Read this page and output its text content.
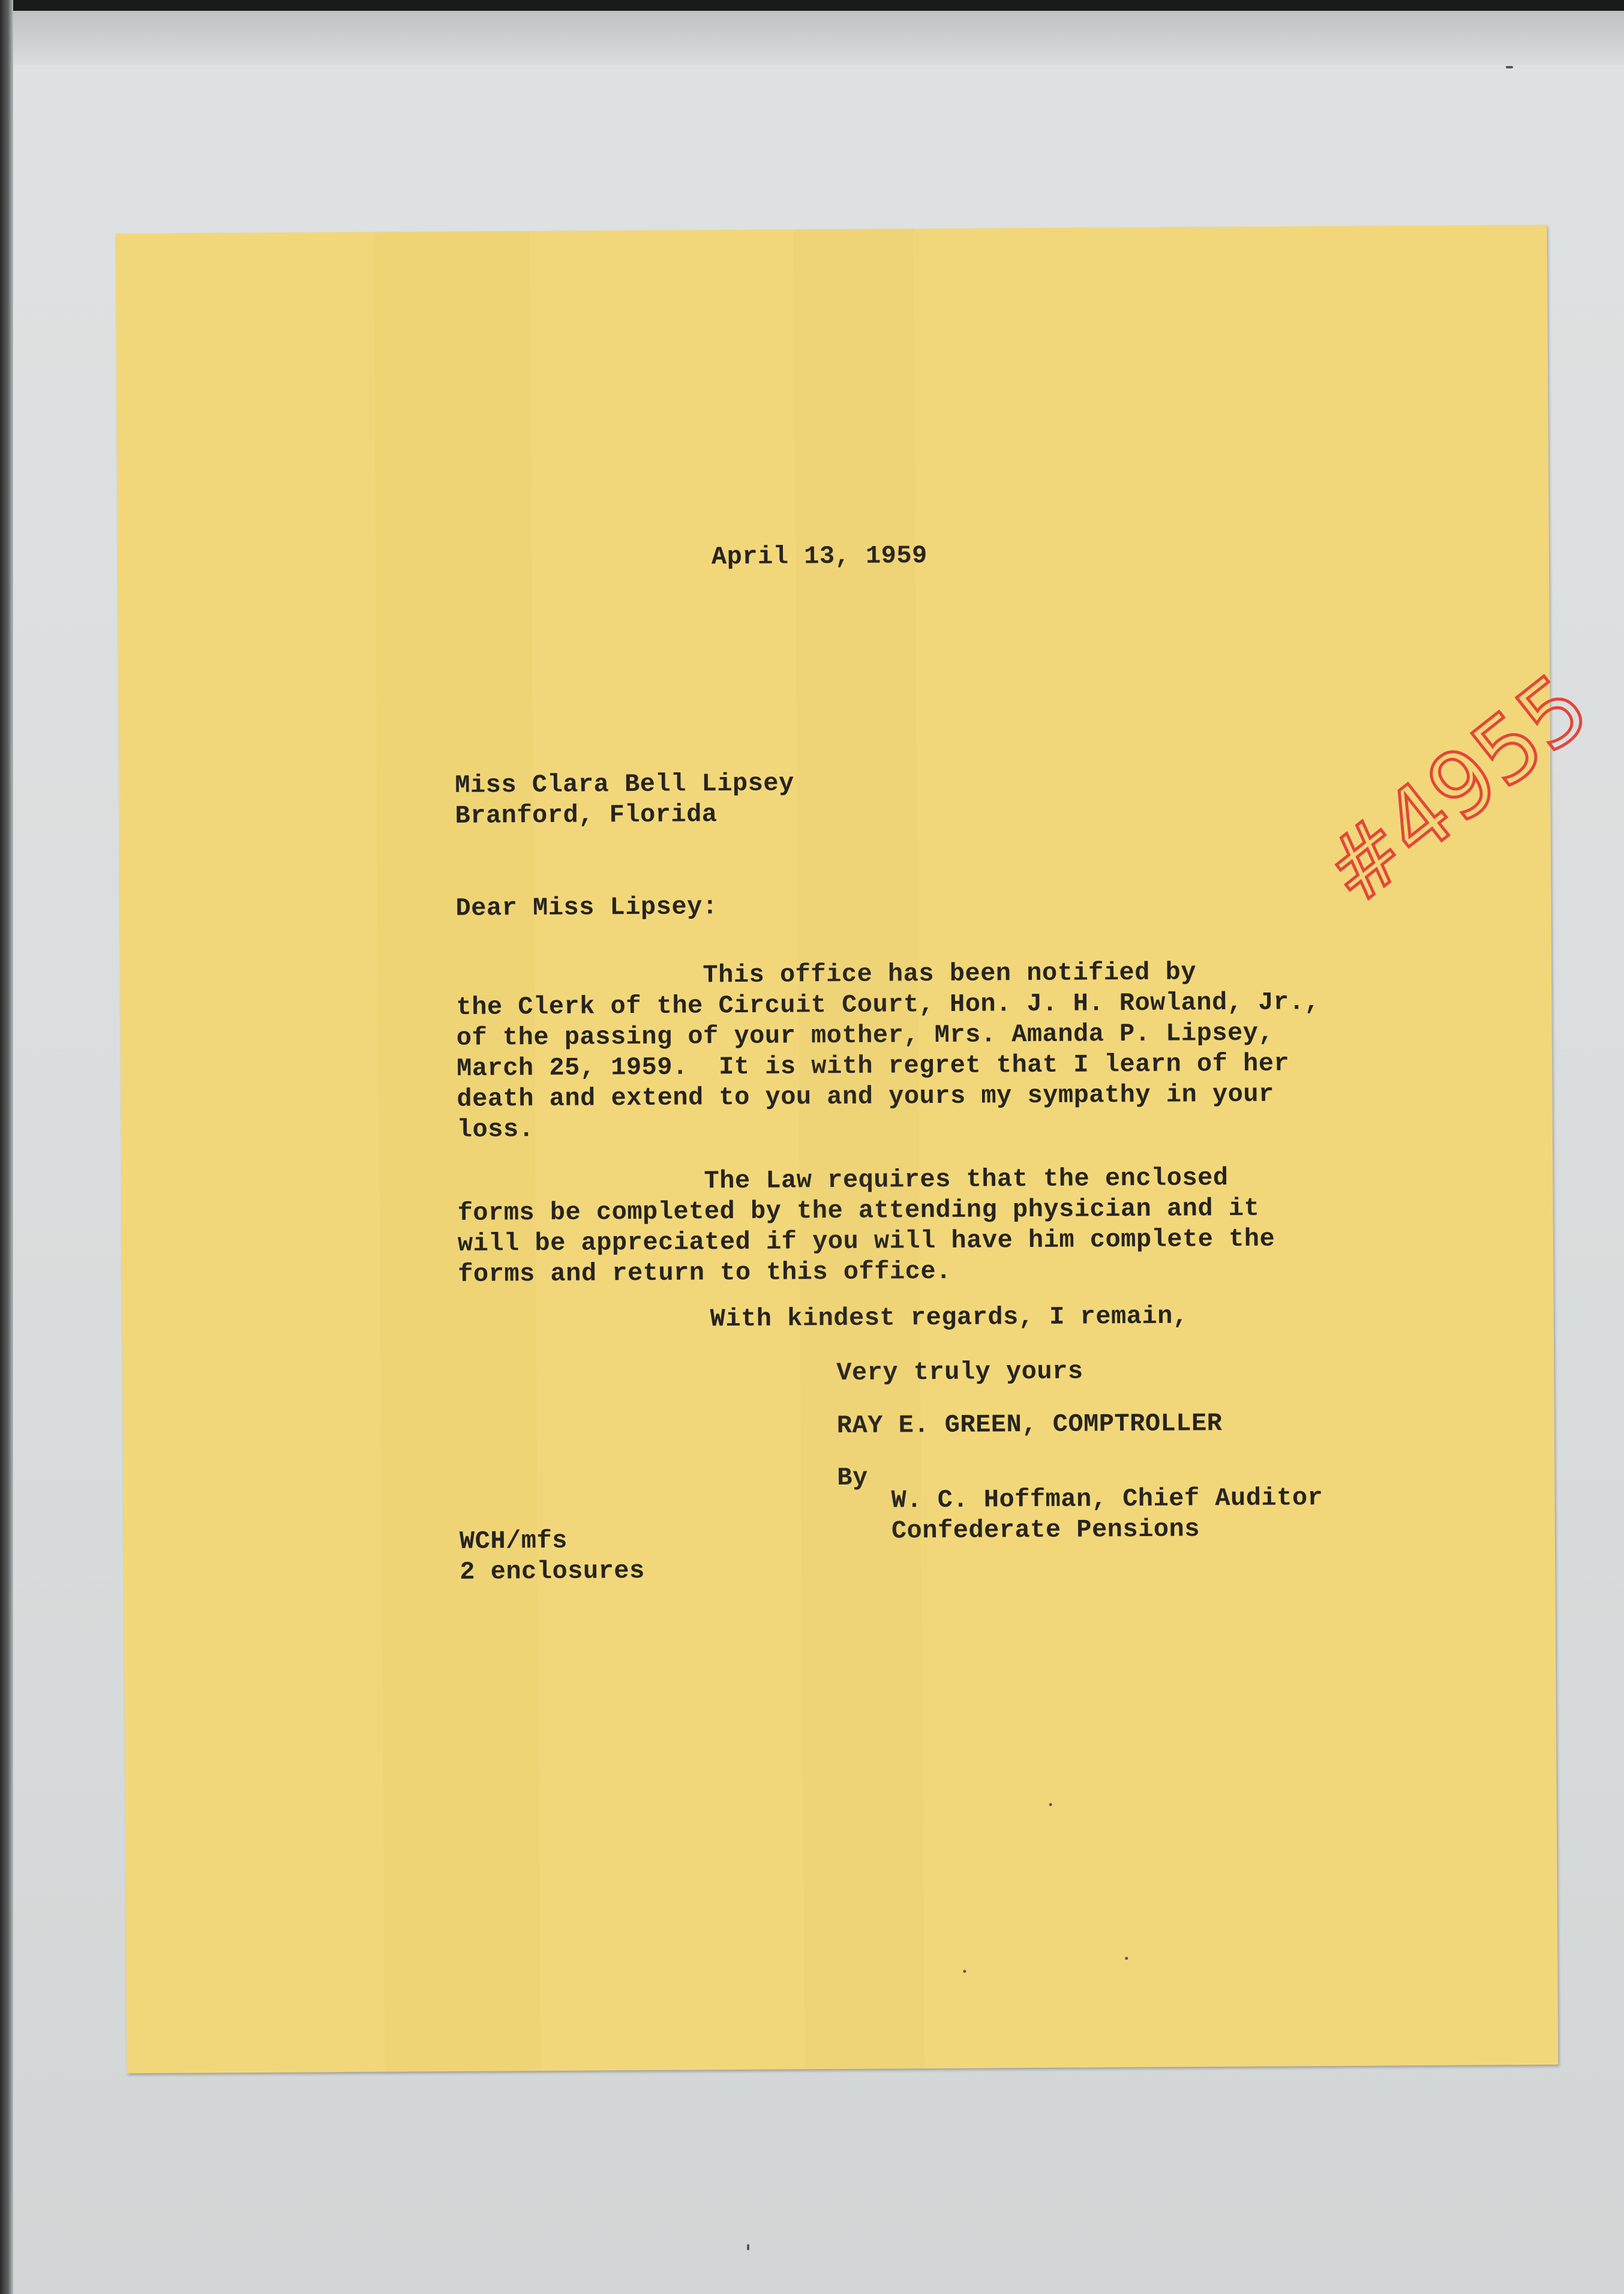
April 13, 1959
#4955
Miss Clara Bell Lipsey
Branford, Florida
Dear Miss Lipsey:
This office has been notified by
the Clerk of the Circuit Court, Hon. J. H. Rowland, Jr.,
of the passing of your mother, Mrs. Amanda P. Lipsey,
March 25, 1959.  It is with regret that I learn of her
death and extend to you and yours my sympathy in your
loss.
The Law requires that the enclosed
forms be completed by the attending physician and it
will be appreciated if you will have him complete the
forms and return to this office.
With kindest regards, I remain,
Very truly yours
RAY E. GREEN, COMPTROLLER
By
W. C. Hoffman, Chief Auditor
Confederate Pensions
WCH/mfs
2 enclosures
